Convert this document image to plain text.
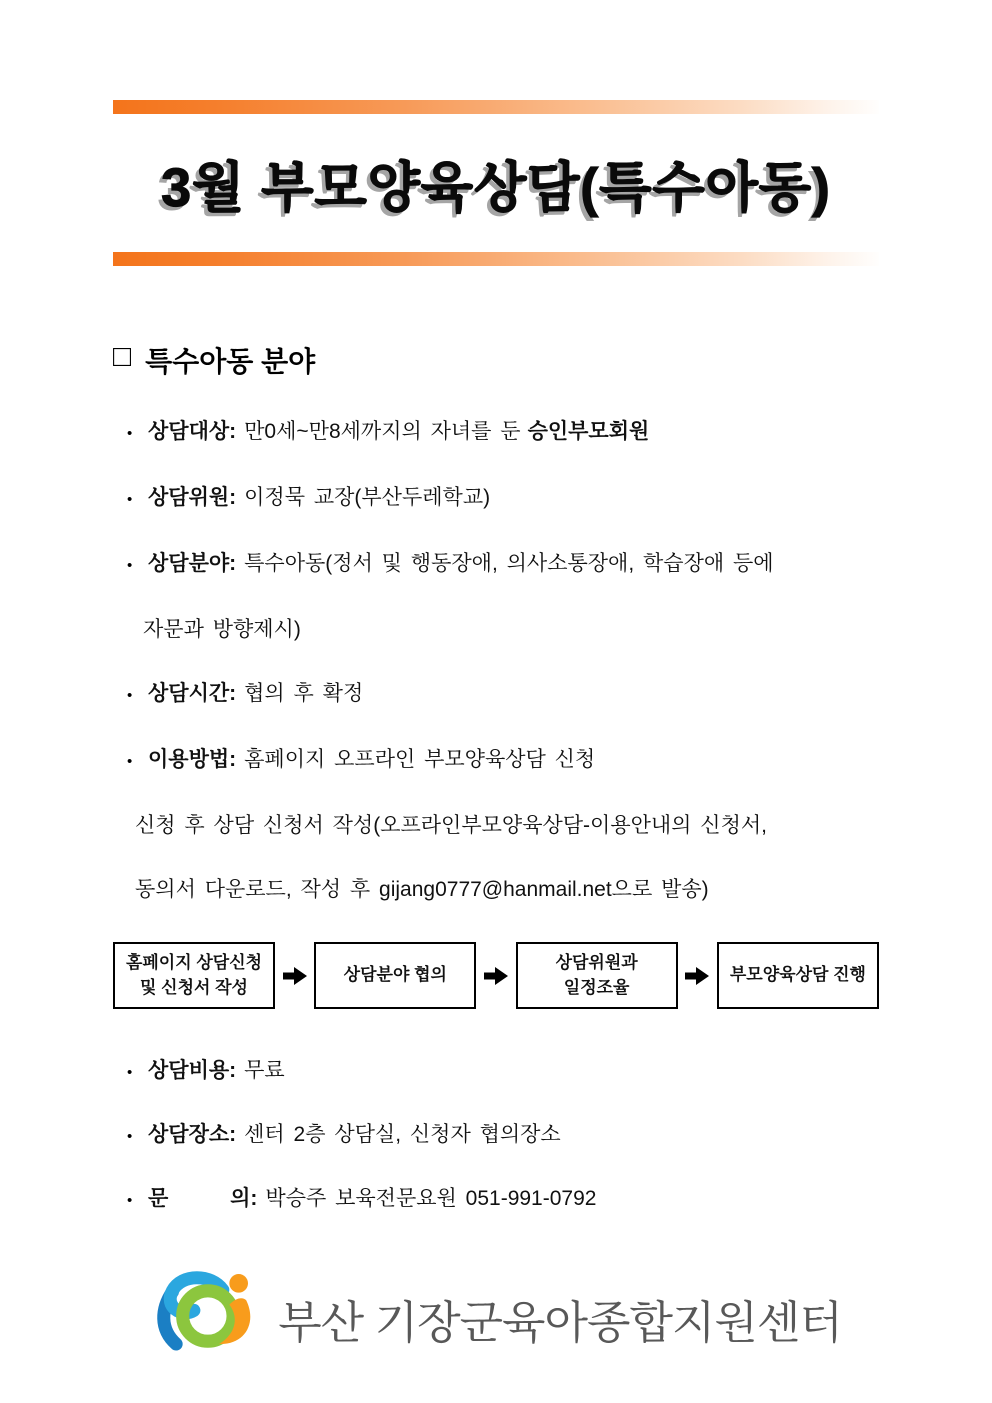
3월 부모양육상담(특수아동)
□ 특수아동 분야
• 상담대상: 만0세~만8세까지의 자녀를 둔 승인부모회원
• 상담위원: 이정묵 교장(부산두레학교)
• 상담분야: 특수아동(정서 및 행동장애, 의사소통장애, 학습장애 등에
자문과 방향제시)
• 상담시간: 협의 후 확정
• 이용방법: 홈페이지 오프라인 부모양육상담 신청
신청 후 상담 신청서 작성(오프라인부모양육상담-이용안내의 신청서,
동의서 다운로드, 작성 후 gijang0777@hanmail.net으로 발송)
홈페이지 상담신청
및 신청서 작성
상담분야 협의
상담위원과
일정조율
부모양육상담 진행
• 상담비용: 무료
• 상담장소: 센터 2층 상담실, 신청자 협의장소
• 문       의: 박승주 보육전문요원 051-991-0792
부산 기장군육아종합지원센터
